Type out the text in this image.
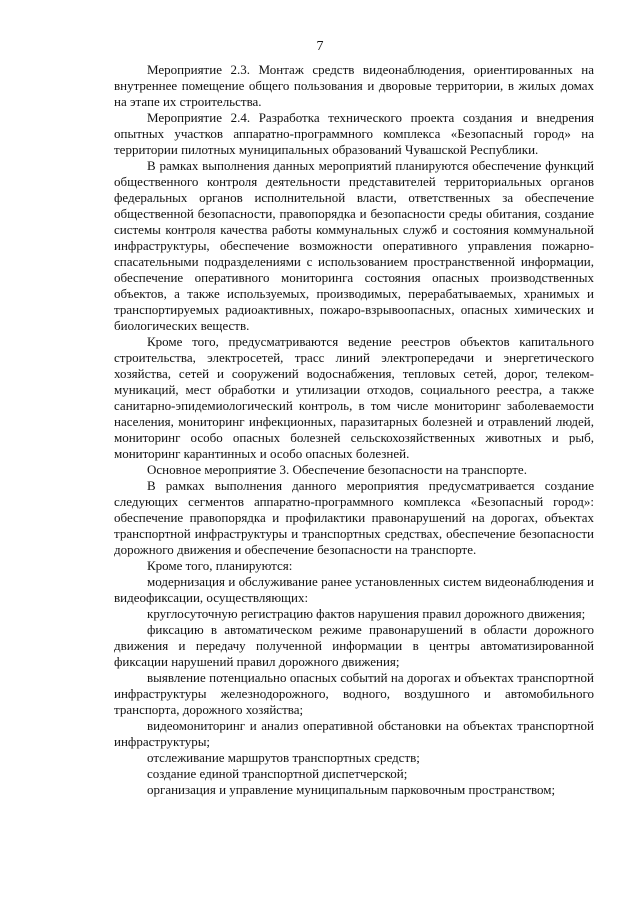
7

Мероприятие 2.3. Монтаж средств видеонаблюдения, ориентированных на внутреннее помещение общего пользования и дворовые территории, в жилых домах на этапе их строительства.

Мероприятие 2.4. Разработка технического проекта создания и внедрения опытных участков аппаратно-программного комплекса «Безопасный город» на территории пилотных муниципальных образований Чувашской Республики.

В рамках выполнения данных мероприятий планируются обеспечение функций общественного контроля деятельности представителей территориальных органов федеральных органов исполнительной власти, ответственных за обеспечение общественной безопасности, правопорядка и безопасности среды обитания, создание системы контроля качества работы коммунальных служб и состояния коммунальной инфраструктуры, обеспечение возможности оперативного управления пожарно-спасательными подразделениями с использованием пространственной информации, обеспечение оперативного мониторинга состояния опасных производственных объектов, а также используемых, производимых, перерабатываемых, хранимых и транспортируемых радиоактивных, пожаро-взрывоопасных, опасных химических и биологических веществ.

Кроме того, предусматриваются ведение реестров объектов капитального строительства, электросетей, трасс линий электропередачи и энергетического хозяйства, сетей и сооружений водоснабжения, тепловых сетей, дорог, телекоммуникаций, мест обработки и утилизации отходов, социального реестра, а также санитарно-эпидемиологический контроль, в том числе мониторинг заболеваемости населения, мониторинг инфекционных, паразитарных болезней и отравлений людей, мониторинг особо опасных болезней сельскохозяйственных животных и рыб, мониторинг карантинных и особо опасных болезней.

Основное мероприятие 3. Обеспечение безопасности на транспорте.

В рамках выполнения данного мероприятия предусматривается создание следующих сегментов аппаратно-программного комплекса «Безопасный город»: обеспечение правопорядка и профилактики правонарушений на дорогах, объектах транспортной инфраструктуры и транспортных средствах, обеспечение безопасности дорожного движения и обеспечение безопасности на транспорте.

Кроме того, планируются:

модернизация и обслуживание ранее установленных систем видеонаблюдения и видеофиксации, осуществляющих:

круглосуточную регистрацию фактов нарушения правил дорожного движения;

фиксацию в автоматическом режиме правонарушений в области дорожного движения и передачу полученной информации в центры автоматизированной фиксации нарушений правил дорожного движения;

выявление потенциально опасных событий на дорогах и объектах транспортной инфраструктуры железнодорожного, водного, воздушного и автомобильного транспорта, дорожного хозяйства;

видеомониторинг и анализ оперативной обстановки на объектах транспортной инфраструктуры;

отслеживание маршрутов транспортных средств;

создание единой транспортной диспетчерской;

организация и управление муниципальным парковочным пространством;
